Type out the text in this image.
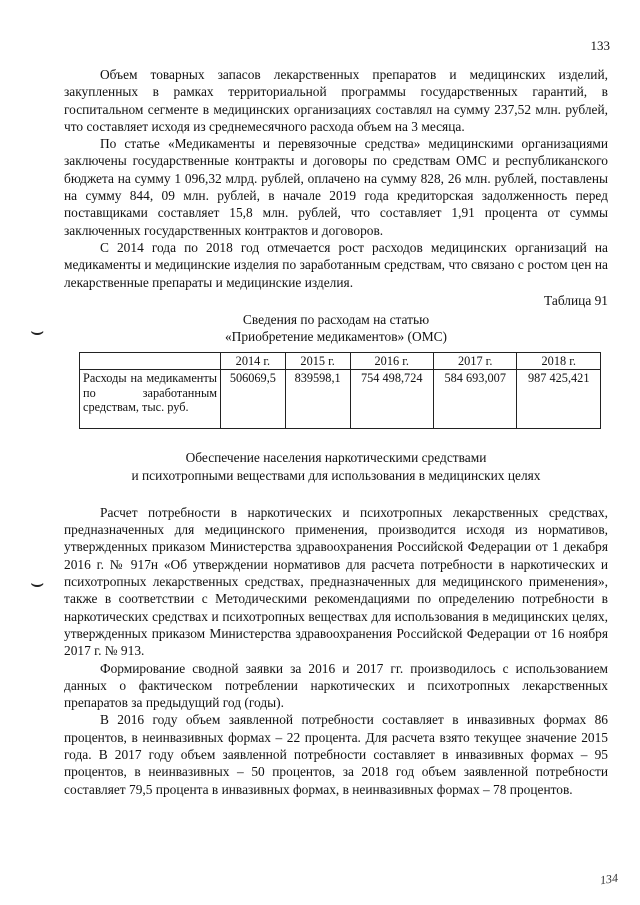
133
⌣
⌣

Объем товарных запасов лекарственных препаратов и медицинских изделий, закупленных в рамках территориальной программы государственных гарантий, в госпитальном сегменте в медицинских организациях составлял на сумму 237,52 млн. рублей, что составляет исходя из среднемесячного расхода объем на 3 месяца.

По статье «Медикаменты и перевязочные средства» медицинскими организациями заключены государственные контракты и договоры по средствам ОМС и республиканского бюджета на сумму 1 096,32 млрд. рублей, оплачено на сумму 828, 26 млн. рублей, поставлены на сумму 844, 09 млн. рублей, в начале 2019 года кредиторская задолженность перед поставщиками составляет 15,8 млн. рублей, что составляет 1,91 процента от суммы заключенных государственных контрактов и договоров.

С 2014 года по 2018 год отмечается рост расходов медицинских организаций на медикаменты и медицинские изделия по заработанным средствам, что связано с ростом цен на лекарственные препараты и медицинские изделия.

Таблица 91
Сведения по расходам на статью
«Приобретение медикаментов» (ОМС)
	2014 г.	2015 г.	2016 г.	2017 г.	2018 г.
Расходы на медикаменты по заработанным средствам, тыс. руб.	506069,5	839598,1	754 498,724	584 693,007	987 425,421
Обеспечение населения наркотическими средствами
и психотропными веществами для использования в медицинских целях

Расчет потребности в наркотических и психотропных лекарственных средствах, предназначенных для медицинского применения, производится исходя из нормативов, утвержденных приказом Министерства здравоохранения Российской Федерации от 1 декабря 2016 г. № 917н «Об утверждении нормативов для расчета потребности в наркотических и психотропных лекарственных средствах, предназначенных для медицинского применения», также в соответствии с Методическими рекомендациями по определению потребности в наркотических средствах и психотропных веществах для использования в медицинских целях, утвержденных приказом Министерства здравоохранения Российской Федерации от 16 ноября 2017 г. № 913.

Формирование сводной заявки за 2016 и 2017 гг. производилось с использованием данных о фактическом потреблении наркотических и психотропных лекарственных препаратов за предыдущий год (годы).

В 2016 году объем заявленной потребности составляет в инвазивных формах 86 процентов, в неинвазивных формах – 22 процента. Для расчета взято текущее значение 2015 года. В 2017 году объем заявленной потребности составляет в инвазивных формах – 95 процентов, в неинвазивных – 50 процентов, за 2018 год объем заявленной потребности составляет 79,5 процента в инвазивных формах, в неинвазивных формах – 78 процентов.

134
